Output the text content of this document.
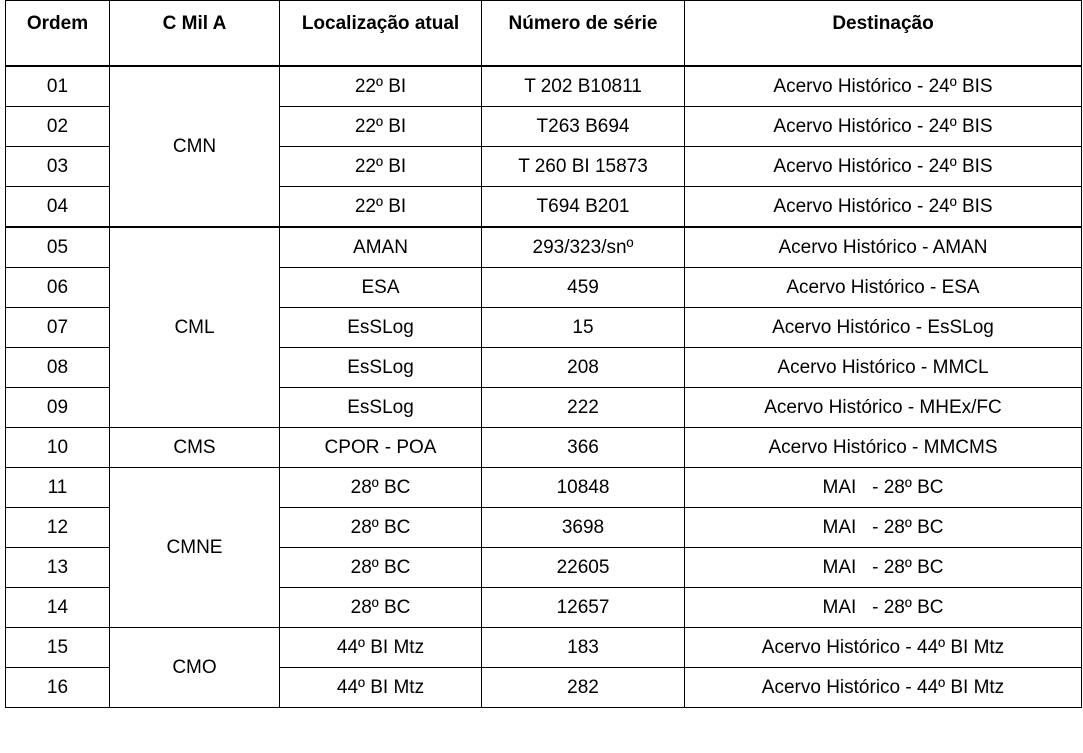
Ordem	C Mil A	Localização atual	Número de série	Destinação
01	CMN	22º BI	T 202 B10811	Acervo Histórico - 24º BIS
02		22º BI	T263 B694	Acervo Histórico - 24º BIS
03		22º BI	T 260 BI 15873	Acervo Histórico - 24º BIS
04		22º BI	T694 B201	Acervo Histórico - 24º BIS
05	CML	AMAN	293/323/snº	Acervo Histórico - AMAN
06		ESA	459	Acervo Histórico - ESA
07		EsSLog	15	Acervo Histórico - EsSLog
08		EsSLog	208	Acervo Histórico - MMCL
09		EsSLog	222	Acervo Histórico - MHEx/FC
10	CMS	CPOR - POA	366	Acervo Histórico - MMCMS
11	CMNE	28º BC	10848	MAI   - 28º BC
12		28º BC	3698	MAI   - 28º BC
13		28º BC	22605	MAI   - 28º BC
14		28º BC	12657	MAI   - 28º BC
15	CMO	44º BI Mtz	183	Acervo Histórico - 44º BI Mtz
16		44º BI Mtz	282	Acervo Histórico - 44º BI Mtz
